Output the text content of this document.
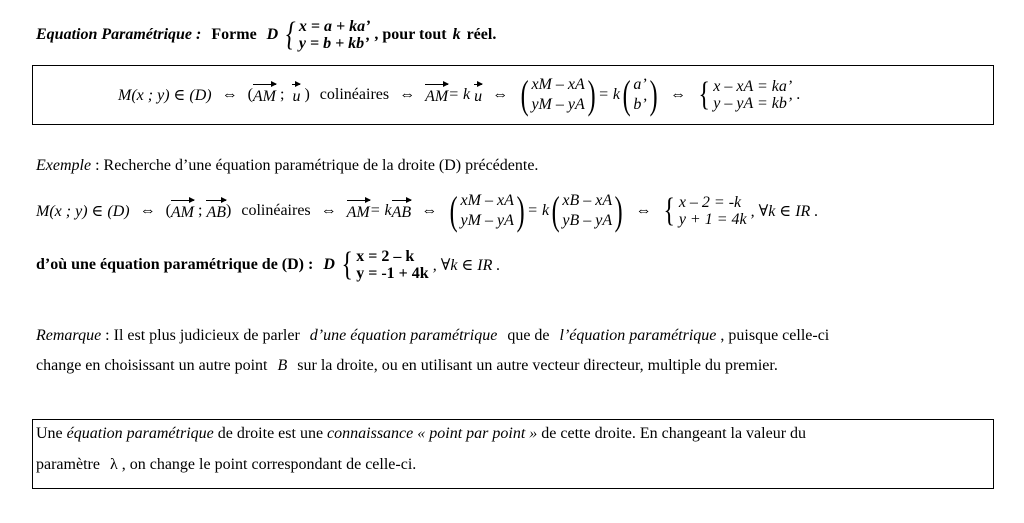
Equation Paramétrique : Forme D { x = a + ka’
y = b + kb’
, pour tout k réel.
M(x ; y) ∈ (D) ⇔ ( AM ; u ) colinéaires ⇔ AM = k u ⇔ ( xM – xA
yM – yA ) = k ( a’
b’ ) ⇔ { x – xA = ka’
y – yA = kb’

.
Exemple : Recherche d’une équation paramétrique de la droite (D) précédente.
M(x ; y) ∈ (D) ⇔ ( AM ; AB ) colinéaires ⇔ AM = k AB ⇔ ( xM – xA
yM – yA ) = k ( xB – xA
yB – yA ) ⇔ { x – 2 = -k
y + 1 = 4k
, ∀k ∈ IR .
d’où une équation paramétrique de (D) : D { x = 2 – k
y = -1 + 4k
, ∀k ∈ IR .
Remarque : Il est plus judicieux de parler d’une équation paramétrique que de l’équation paramétrique , puisque celle-ci
change en choisissant un autre point B sur la droite, ou en utilisant un autre vecteur directeur, multiple du premier.
Une équation paramétrique de droite est une connaissance « point par point » de cette droite. En changeant la valeur du
paramètre λ , on change le point correspondant de celle-ci.
